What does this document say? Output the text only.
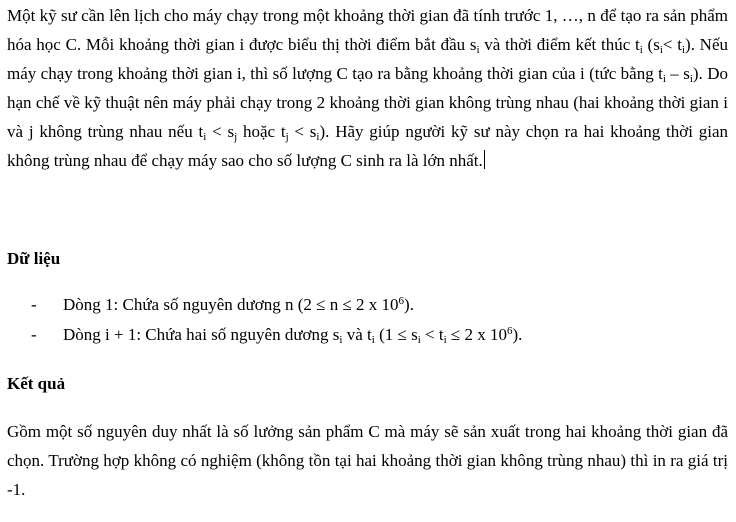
Một kỹ sư cần lên lịch cho máy chạy trong một khoảng thời gian đã tính trước 1, …, n để tạo ra sản phẩm hóa học C. Mỗi khoảng thời gian i được biểu thị thời điểm bắt đầu $s_i$ và thời điểm kết thúc $t_i$ $(s_i< t_i)$. Nếu máy chạy trong khoảng thời gian i, thì số lượng C tạo ra bằng khoảng thời gian của i (tức bằng $t_i - s_i$). Do hạn chế về kỹ thuật nên máy phải chạy trong 2 khoảng thời gian không trùng nhau (hai khoảng thời gian i và j không trùng nhau nếu $t_i < s_j$ hoặc $t_j < s_i$). Hãy giúp người kỹ sư này chọn ra hai khoảng thời gian không trùng nhau để chạy máy sao cho số lượng C sinh ra là lớn nhất.

Dữ liệu
- Dòng 1: Chứa số nguyên dương n (2 ≤ n ≤ 2 x $10^6$).
- Dòng i + 1: Chứa hai số nguyên dương $s_i$ và $t_i$ ($1 \le s_i < t_i \le 2$ x $10^6$).
Kết quả

Gồm một số nguyên duy nhất là số lưởng sản phẩm C mà máy sẽ sản xuất trong hai khoảng thời gian đã chọn. Trường hợp không có nghiệm (không tồn tại hai khoảng thời gian không trùng nhau) thì in ra giá trị -1.
